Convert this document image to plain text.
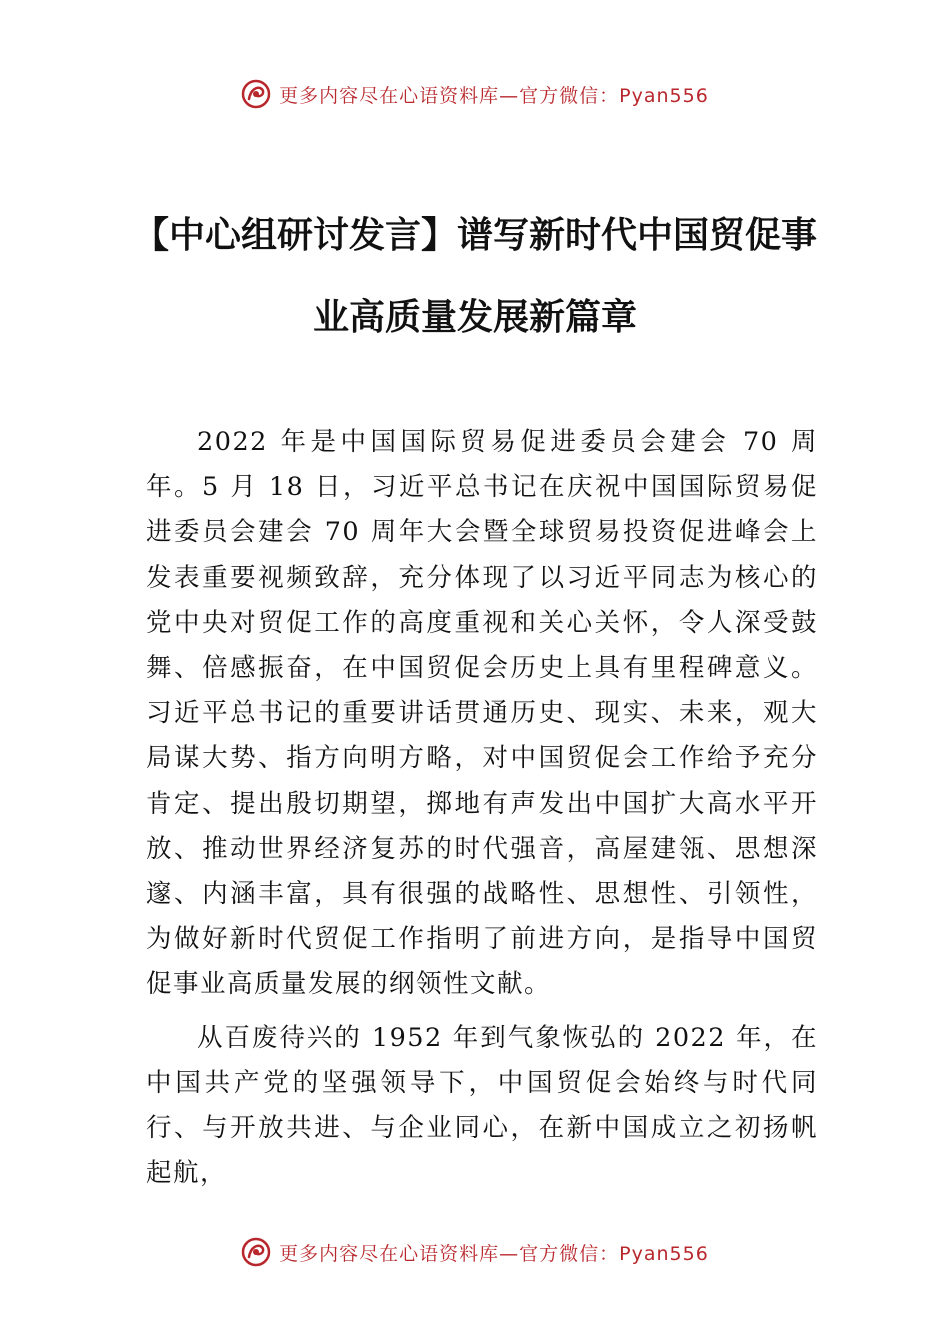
更多内容尽在心语资料库—官方微信：Pyan556
【中心组研讨发言】谱写新时代中国贸促事
业高质量发展新篇章

2022 年是中国国际贸易促进委员会建会 70 周年。5 月 18 日，习近平总书记在庆祝中国国际贸易促进委员会建会 70 周年大会暨全球贸易投资促进峰会上发表重要视频致辞，充分体现了以习近平同志为核心的党中央对贸促工作的高度重视和关心关怀，令人深受鼓舞、倍感振奋，在中国贸促会历史上具有里程碑意义。习近平总书记的重要讲话贯通历史、现实、未来，观大局谋大势、指方向明方略，对中国贸促会工作给予充分肯定、提出殷切期望，掷地有声发出中国扩大高水平开放、推动世界经济复苏的时代强音，高屋建瓴、思想深邃、内涵丰富，具有很强的战略性、思想性、引领性，为做好新时代贸促工作指明了前进方向，是指导中国贸促事业高质量发展的纲领性文献。

从百废待兴的 1952 年到气象恢弘的 2022 年，在中国共产党的坚强领导下，中国贸促会始终与时代同行、与开放共进、与企业同心，在新中国成立之初扬帆起航，

更多内容尽在心语资料库—官方微信：Pyan556
